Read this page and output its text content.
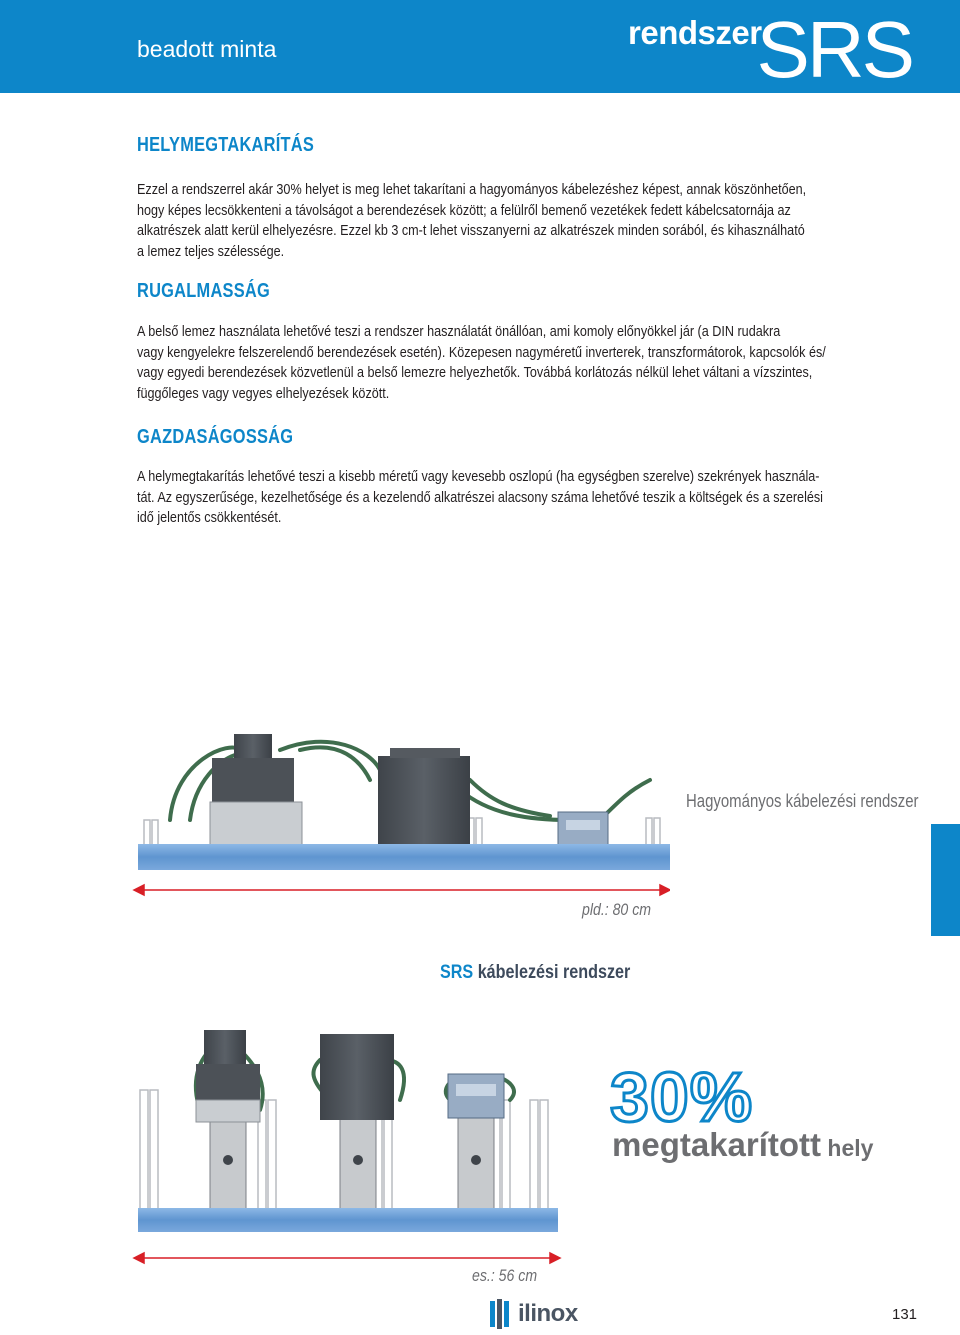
beadott minta	SRS
rendszer
HELYMEGTAKARÍTÁS
Ezzel a rendszerrel akár 30% helyet is meg lehet takarítani a hagyományos kábelezéshez képest, annak köszönhetően,
hogy képes lecsökkenteni a távolságot a berendezések között; a felülről bemenő vezetékek fedett kábelcsatornája az
alkatrészek alatt kerül elhelyezésre. Ezzel kb 3 cm-t lehet visszanyerni az alkatrészek minden sorából, és kihasználható
a lemez teljes szélessége.
RUGALMASSÁG
A belső lemez használata lehetővé teszi a rendszer használatát önállóan, ami komoly előnyökkel jár (a DIN rudakra
vagy kengyelekre felszerelendő berendezések esetén). Közepesen nagyméretű inverterek, transzformátorok, kapcsolók és/
vagy egyedi berendezések közvetlenül a belső lemezre helyezhetők. Továbbá korlátozás nélkül lehet váltani a vízszintes,
függőleges vagy vegyes elhelyezések között.
GAZDASÁGOSSÁG
A helymegtakarítás lehetővé teszi a kisebb méretű vagy kevesebb oszlopú (ha egységben szerelve) szekrények használa-
tát. Az egyszerűsége, kezelhetősége és a kezelendő alkatrészei alacsony száma lehetővé teszik a költségek és a szerelési
idő jelentős csökkentését.
Hagyományos kábelezési rendszer
pld.: 80 cm
SRS kábelezési rendszer
es.: 56 cm
30%
megtakarított hely
ilinox	131
